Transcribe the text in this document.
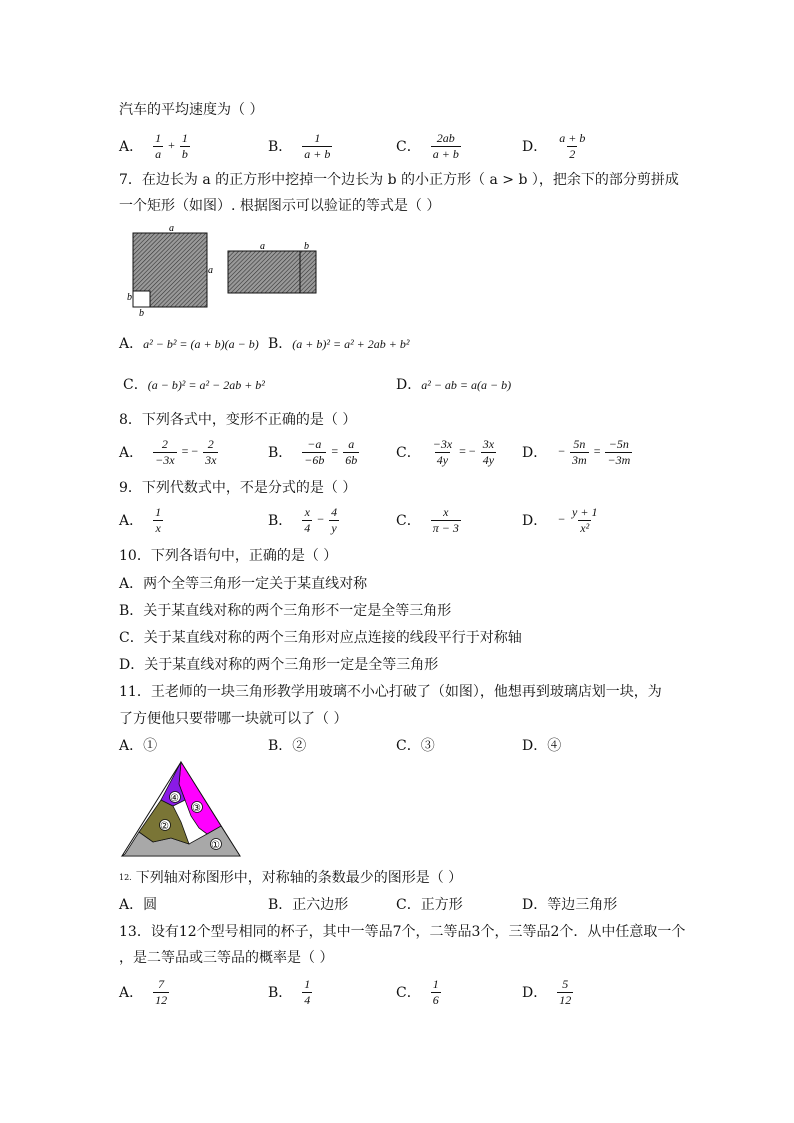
汽车的平均速度为（ ）
A． $\frac{1}{a} + \frac{1}{b}$	B． $\frac{1}{a + b}$	C． $\frac{2ab}{a + b}$	D． $\frac{a + b}{2}$
7．在边长为 a 的正方形中挖掉一个边长为 b 的小正方形（ a > b ），把余下的部分剪拼成
一个矩形（如图）. 根据图示可以验证的等式是（ ）
a
a
b
b
a	b
A．a² − b² = (a + b)(a − b) B．(a + b)² = a² + 2ab + b²
C．(a − b)² = a² − 2ab + b²	D．a² − ab = a(a − b)
8．下列各式中，变形不正确的是（ ）
A． $\frac{2}{-3x}$ = − $\frac{2}{3x}$	B． $\frac{-a}{-6b} = \frac{a}{6b}$	C． $\frac{-3x}{4y}$ = − $\frac{3x}{4y}$ D． − $\frac{5n}{3m} = \frac{-5n}{-3m}$
9．下列代数式中，不是分式的是（ ）
A． $\frac{1}{x}$	B． $\frac{x}{4} - \frac{4}{y}$	C． $\frac{x}{\pi - 3}$	D． − $\frac{y + 1}{\text{x²}}$
10．下列各语句中，正确的是（ ）
A．两个全等三角形一定关于某直线对称
B．关于某直线对称的两个三角形不一定是全等三角形
C．关于某直线对称的两个三角形对应点连接的线段平行于对称轴
D．关于某直线对称的两个三角形一定是全等三角形
11．王老师的一块三角形教学用玻璃不小心打破了（如图），他想再到玻璃店划一块，为
了方便他只要带哪一块就可以了（ ）
A．①	B．②	C．③	D．④
④
③
②
①
12. 下列轴对称图形中，对称轴的条数最少的图形是（ ）
A．圆	B．正六边形	C．正方形	D．等边三角形
13．设有12个型号相同的杯子，其中一等品7个，二等品3个，三等品2个．从中任意取一个
，是二等品或三等品的概率是（ ）
A． $\frac{7}{12}$	B． $\frac{1}{4}$	C． $\frac{1}{6}$	D． $\frac{5}{12}$
